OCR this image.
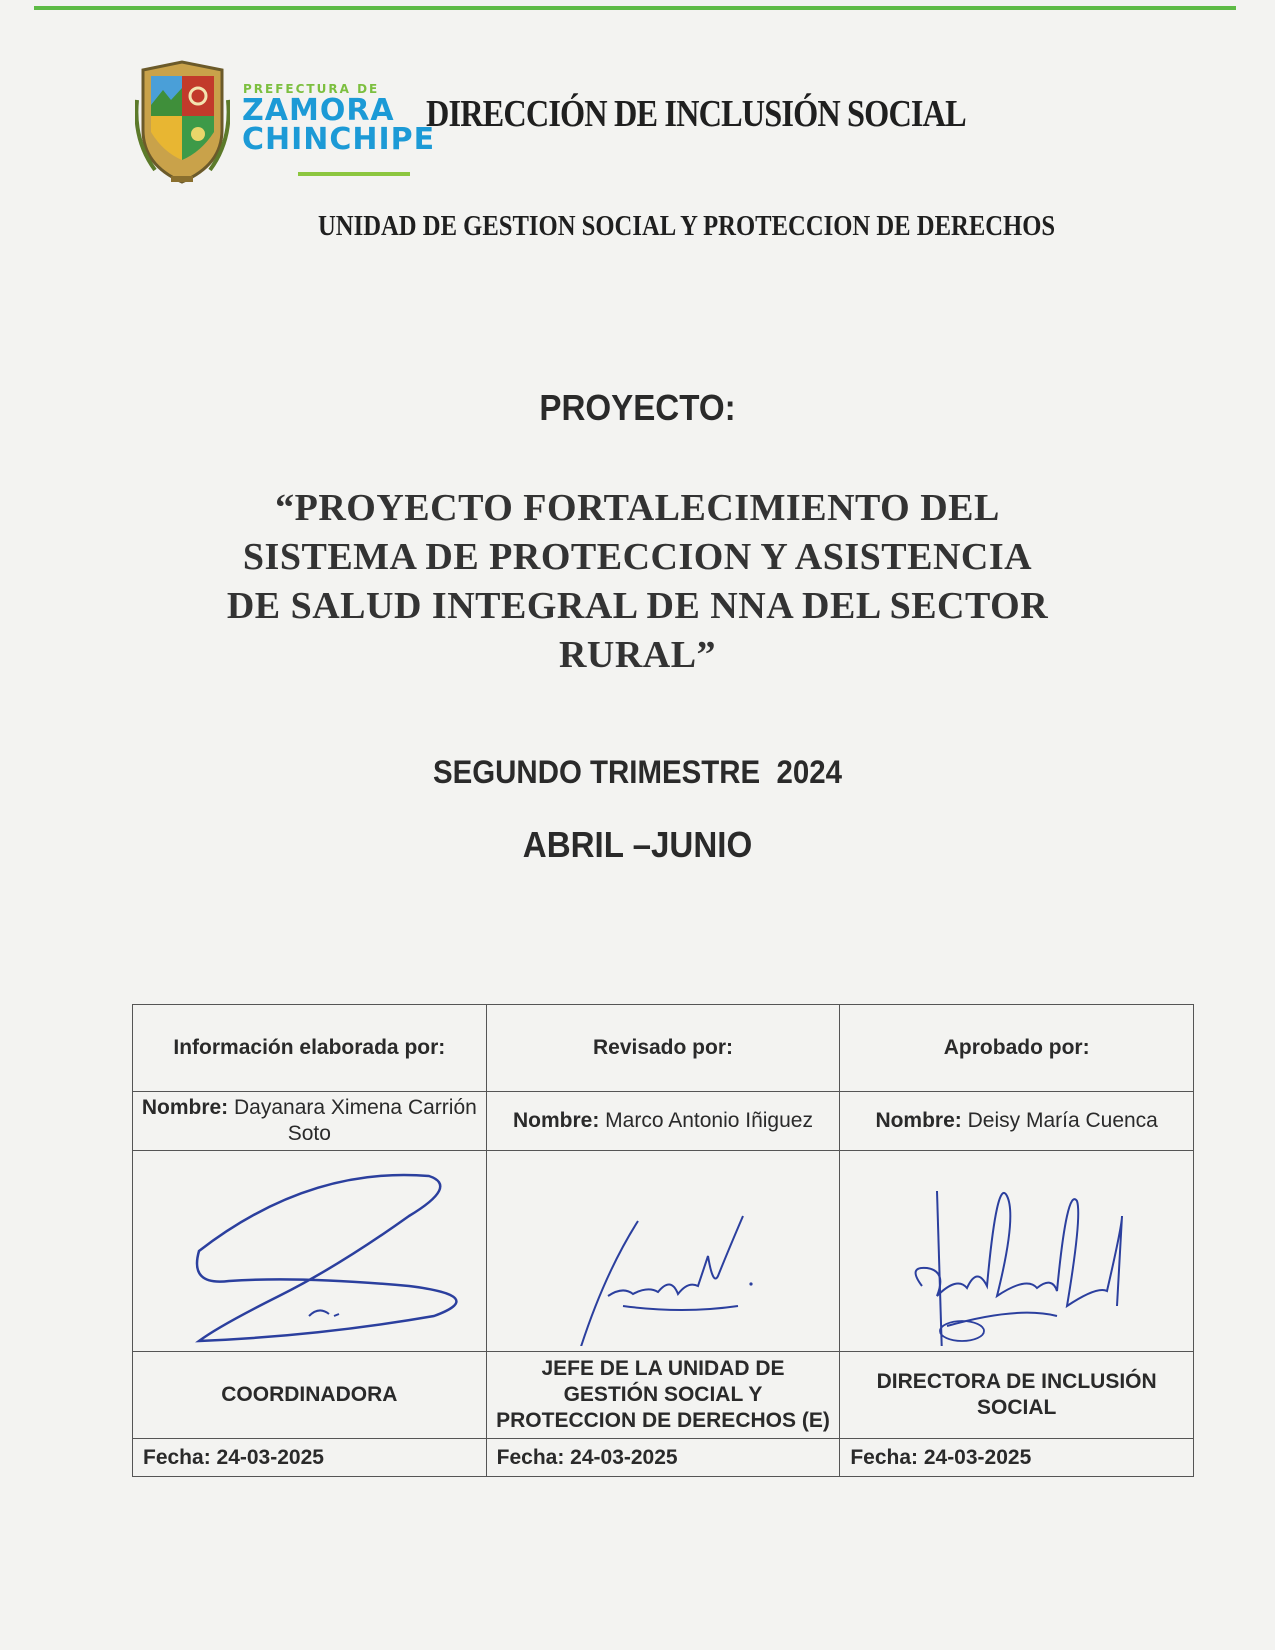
PREFECTURA DE
ZAMORA
CHINCHIPE
DIRECCIÓN DE INCLUSIÓN SOCIAL
UNIDAD DE GESTION SOCIAL Y PROTECCION DE DERECHOS
PROYECTO:
“PROYECTO FORTALECIMIENTO DEL
SISTEMA DE PROTECCION Y ASISTENCIA
DE SALUD INTEGRAL DE NNA DEL SECTOR
RURAL”
SEGUNDO TRIMESTRE  2024
ABRIL –JUNIO
Información elaborada por:	Revisado por:	Aprobado por:
Nombre: Dayanara Ximena Carrión Soto	Nombre: Marco Antonio Iñiguez	Nombre: Deisy María Cuenca

COORDINADORA	JEFE DE LA UNIDAD DE GESTIÓN SOCIAL Y PROTECCION DE DERECHOS (E)	DIRECTORA DE INCLUSIÓN SOCIAL
Fecha: 24-03-2025	Fecha: 24-03-2025	Fecha: 24-03-2025
